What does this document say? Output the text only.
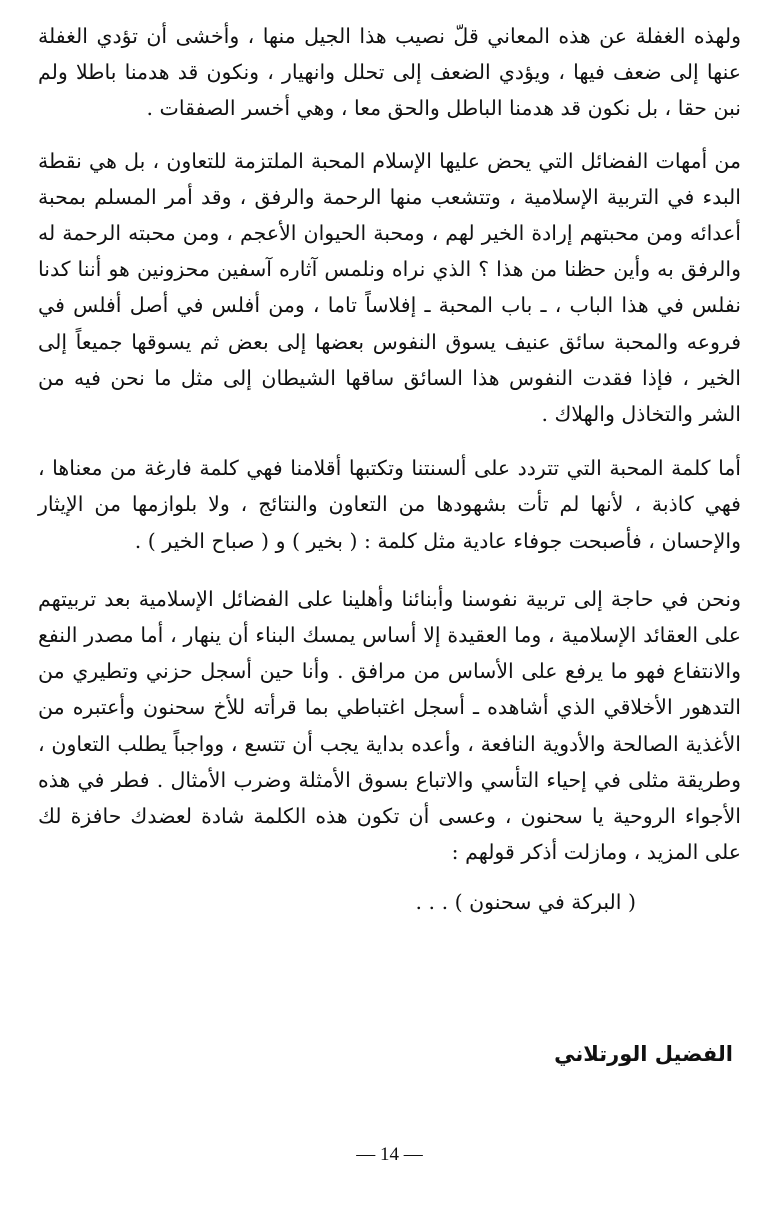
ولهذه الغفلة عن هذه المعاني قلّ نصيب هذا الجيل منها ، وأخشى أن تؤدي الغفلة عنها إلى ضعف فيها ، ويؤدي الضعف إلى تحلل وانهيار ، ونكون قد هدمنا باطلا ولم نبن حقا ، بل نكون قد هدمنا الباطل والحق معا ، وهي أخسر الصفقات .

من أمهات الفضائل التي يحض عليها الإسلام المحبة الملتزمة للتعاون ، بل هي نقطة البدء في التربية الإسلامية ، وتتشعب منها الرحمة والرفق ، وقد أمر المسلم بمحبة أعدائه ومن محبتهم إرادة الخير لهم ، ومحبة الحيوان الأعجم ، ومن محبته الرحمة له والرفق به وأين حظنا من هذا ؟ الذي نراه ونلمس آثاره آسفين محزونين هو أننا كدنا نفلس في هذا الباب ، ـ باب المحبة ـ إفلاساً تاما ، ومن أفلس في أصل أفلس في فروعه والمحبة سائق عنيف يسوق النفوس بعضها إلى بعض ثم يسوقها جميعاً إلى الخير ، فإذا فقدت النفوس هذا السائق ساقها الشيطان إلى مثل ما نحن فيه من الشر والتخاذل والهلاك .

أما كلمة المحبة التي تتردد على ألسنتنا وتكتبها أقلامنا فهي كلمة فارغة من معناها ، فهي كاذبة ، لأنها لم تأت بشهودها من التعاون والنتائج ، ولا بلوازمها من الإيثار والإحسان ، فأصبحت جوفاء عادية مثل كلمة : ( بخير ) و ( صباح الخير ) .

ونحن في حاجة إلى تربية نفوسنا وأبنائنا وأهلينا على الفضائل الإسلامية بعد تربيتهم على العقائد الإسلامية ، وما العقيدة إلا أساس يمسك البناء أن ينهار ، أما مصدر النفع والانتفاع فهو ما يرفع على الأساس من مرافق . وأنا حين أسجل حزني وتطيري من التدهور الأخلاقي الذي أشاهده ـ أسجل اغتباطي بما قرأته للأخ سحنون وأعتبره من الأغذية الصالحة والأدوية النافعة ، وأعده بداية يجب أن تتسع ، وواجباً يطلب التعاون ، وطريقة مثلى في إحياء التأسي والاتباع بسوق الأمثلة وضرب الأمثال . فطر في هذه الأجواء الروحية يا سحنون ، وعسى أن تكون هذه الكلمة شادة لعضدك حافزة لك على المزيد ، ومازلت أذكر قولهم :

( البركة في سحنون ) . . .

الفضيل الورتلاني
— 14 —
